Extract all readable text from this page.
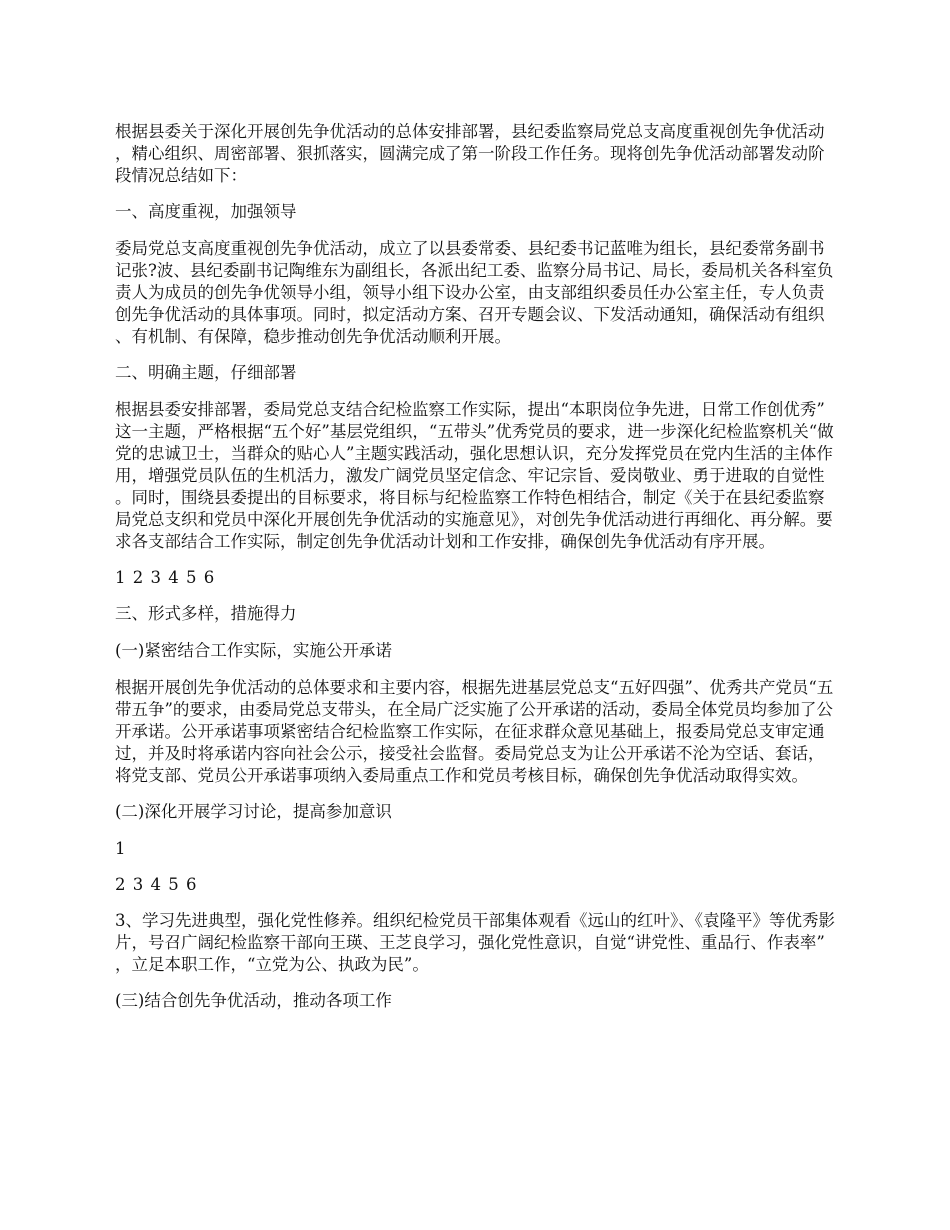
根据县委关于深化开展创先争优活动的总体安排部署，县纪委监察局党总支高度重视创先争优活动，精心组织、周密部署、狠抓落实，圆满完成了第一阶段工作任务。现将创先争优活动部署发动阶段情况总结如下：

一、高度重视，加强领导

委局党总支高度重视创先争优活动，成立了以县委常委、县纪委书记蓝唯为组长，县纪委常务副书记张?波、县纪委副书记陶维东为副组长，各派出纪工委、监察分局书记、局长，委局机关各科室负责人为成员的创先争优领导小组，领导小组下设办公室，由支部组织委员任办公室主任，专人负责创先争优活动的具体事项。同时，拟定活动方案、召开专题会议、下发活动通知，确保活动有组织、有机制、有保障，稳步推动创先争优活动顺利开展。

二、明确主题，仔细部署

根据县委安排部署，委局党总支结合纪检监察工作实际，提出“本职岗位争先进，日常工作创优秀”这一主题，严格根据“五个好”基层党组织，“五带头”优秀党员的要求，进一步深化纪检监察机关“做党的忠诚卫士，当群众的贴心人”主题实践活动，强化思想认识，充分发挥党员在党内生活的主体作用，增强党员队伍的生机活力，激发广阔党员坚定信念、牢记宗旨、爱岗敬业、勇于进取的自觉性。同时，围绕县委提出的目标要求，将目标与纪检监察工作特色相结合，制定《关于在县纪委监察局党总支织和党员中深化开展创先争优活动的实施意见》，对创先争优活动进行再细化、再分解。要求各支部结合工作实际，制定创先争优活动计划和工作安排，确保创先争优活动有序开展。

1 2 3 4 5 6

三、形式多样，措施得力

(一)紧密结合工作实际，实施公开承诺

根据开展创先争优活动的总体要求和主要内容，根据先进基层党总支“五好四强”、优秀共产党员“五带五争”的要求，由委局党总支带头，在全局广泛实施了公开承诺的活动，委局全体党员均参加了公开承诺。公开承诺事项紧密结合纪检监察工作实际，在征求群众意见基础上，报委局党总支审定通过，并及时将承诺内容向社会公示，接受社会监督。委局党总支为让公开承诺不沦为空话、套话，将党支部、党员公开承诺事项纳入委局重点工作和党员考核目标，确保创先争优活动取得实效。

(二)深化开展学习讨论，提高参加意识

1

2 3 4 5 6

3、学习先进典型，强化党性修养。组织纪检党员干部集体观看《远山的红叶》、《袁隆平》等优秀影片，号召广阔纪检监察干部向王瑛、王芝良学习，强化党性意识，自觉“讲党性、重品行、作表率”，立足本职工作，“立党为公、执政为民”。

(三)结合创先争优活动，推动各项工作
